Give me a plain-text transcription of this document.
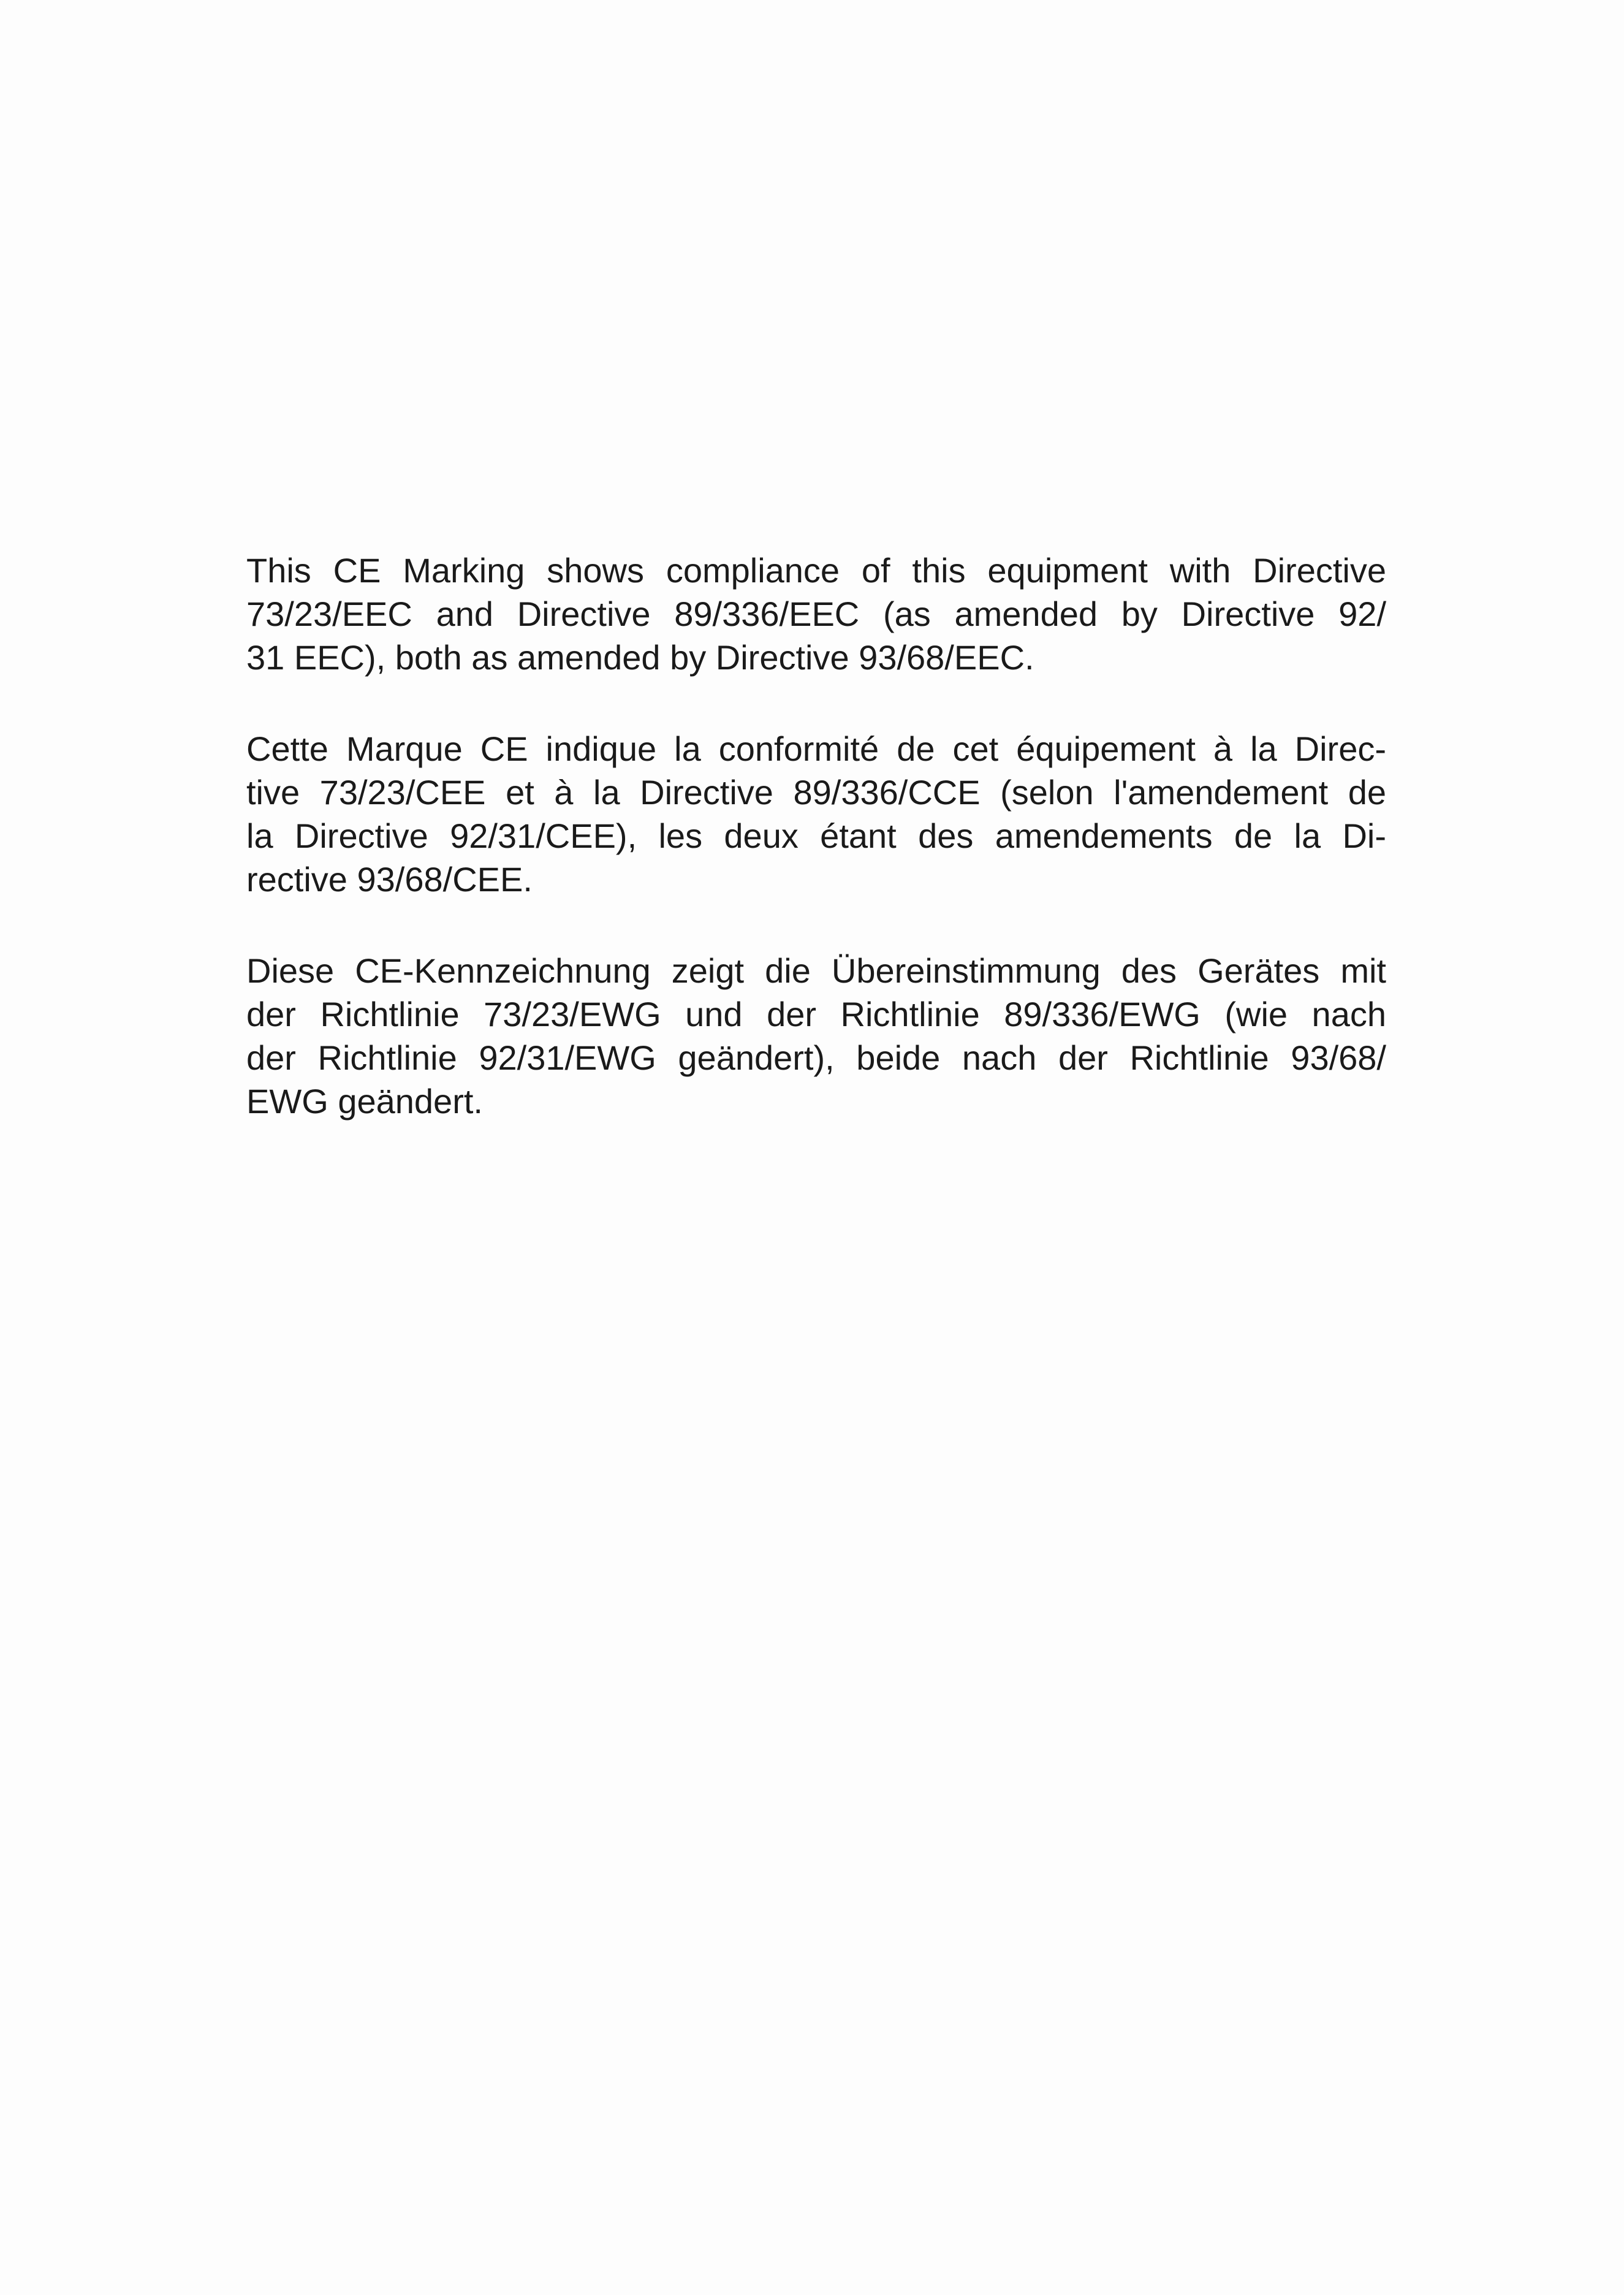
This CE Marking shows compliance of this equipment with Directive
73/23/EEC and Directive 89/336/EEC (as amended by Directive 92/
31 EEC), both as amended by Directive 93/68/EEC.

Cette Marque CE indique la conformité de cet équipement à la Direc-
tive 73/23/CEE et à la Directive 89/336/CCE (selon l'amendement de
la Directive 92/31/CEE), les deux étant des amendements de la Di-
rective 93/68/CEE.

Diese CE-Kennzeichnung zeigt die Übereinstimmung des Gerätes mit
der Richtlinie 73/23/EWG und der Richtlinie 89/336/EWG (wie nach
der Richtlinie 92/31/EWG geändert), beide nach der Richtlinie 93/68/
EWG geändert.
